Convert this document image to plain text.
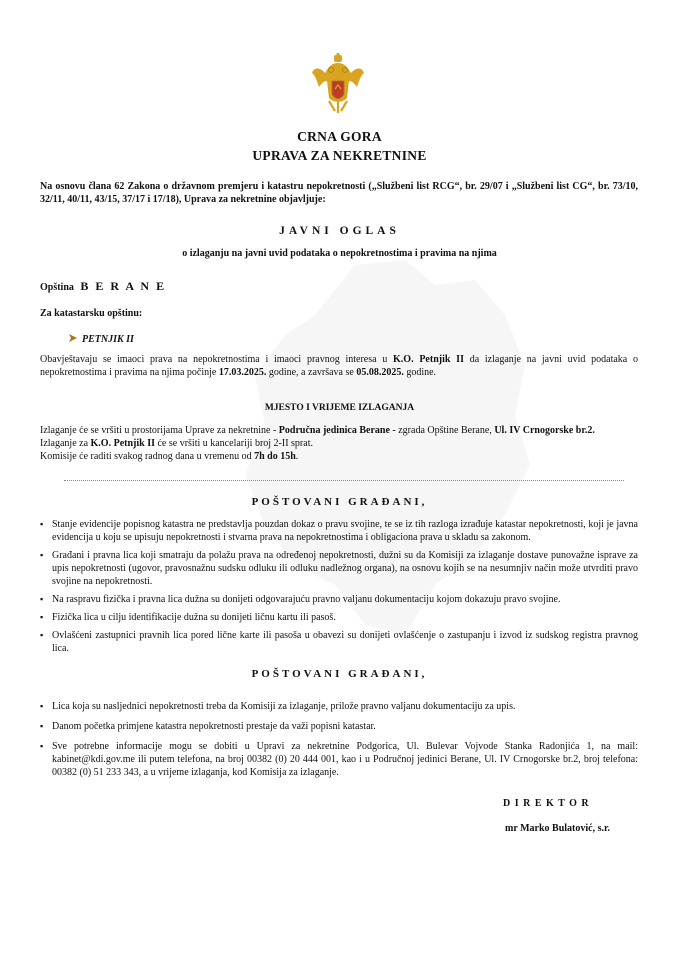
CRNA GORA
UPRAVA ZA NEKRETNINE
Na osnovu člana 62 Zakona o državnom premjeru i katastru nepokretnosti („Službeni list RCG“, br. 29/07 i „Službeni list CG“, br. 73/10, 32/11, 40/11, 43/15, 37/17 i 17/18), Uprava za nekretnine objavljuje:
JAVNI OGLAS
o izlaganju na javni uvid podataka o nepokretnostima i pravima na njima
Opština B E R A N E
Za katastarsku opštinu:
PETNJIK II
Obavještavaju se imaoci prava na nepokretnostima i imaoci pravnog interesa u K.O. Petnjik II da izlaganje na javni uvid podataka o nepokretnostima i pravima na njima počinje 17.03.2025. godine, a završava se 05.08.2025. godine.
MJESTO I VRIJEME IZLAGANJA
Izlaganje će se vršiti u prostorijama Uprave za nekretnine - Područna jedinica Berane - zgrada Opštine Berane, Ul. IV Crnogorske br.2.
Izlaganje za K.O. Petnjik II će se vršiti u kancelariji broj 2-II sprat.
Komisije će raditi svakog radnog dana u vremenu od 7h do 15h.
POŠTOVANI GRAĐANI,
▪ Stanje evidencije popisnog katastra ne predstavlja pouzdan dokaz o pravu svojine, te se iz tih razloga izrađuje katastar nepokretnosti, koji je javna evidencija u koju se upisuju nepokretnosti i stvarna prava na nepokretnostima i obligaciona prava u skladu sa zakonom.
▪ Građani i pravna lica koji smatraju da polažu prava na određenoj nepokretnosti, dužni su da Komisiji za izlaganje dostave punovažne isprave za upis nepokretnosti (ugovor, pravosnažnu sudsku odluku ili odluku nadležnog organa), na osnovu kojih se na nesumnjiv način može utvrditi pravo svojine na nepokretnosti.
▪ Na raspravu fizička i pravna lica dužna su donijeti odgovarajuću pravno valjanu dokumentaciju kojom dokazuju pravo svojine.
▪ Fizička lica u cilju identifikacije dužna su donijeti ličnu kartu ili pasoš.
▪ Ovlašćeni zastupnici pravnih lica pored lične karte ili pasoša u obavezi su donijeti ovlašćenje o zastupanju i izvod iz sudskog registra pravnog lica.
POŠTOVANI GRAĐANI,
▪ Lica koja su nasljednici nepokretnosti treba da Komisiji za izlaganje, prilože pravno valjanu dokumentaciju za upis.
▪ Danom početka primjene katastra nepokretnosti prestaje da važi popisni katastar.
▪ Sve potrebne informacije mogu se dobiti u Upravi za nekretnine Podgorica, Ul. Bulevar Vojvode Stanka Radonjića 1, na mail: kabinet@kdi.gov.me ili putem telefona, na broj 00382 (0) 20 444 001, kao i u Područnoj jedinici Berane, Ul. IV Crnogorske br.2, broj telefona: 00382 (0) 51 233 343, a u vrijeme izlaganja, kod Komisija za izlaganje.
D I R E K T O R
mr Marko Bulatović, s.r.
